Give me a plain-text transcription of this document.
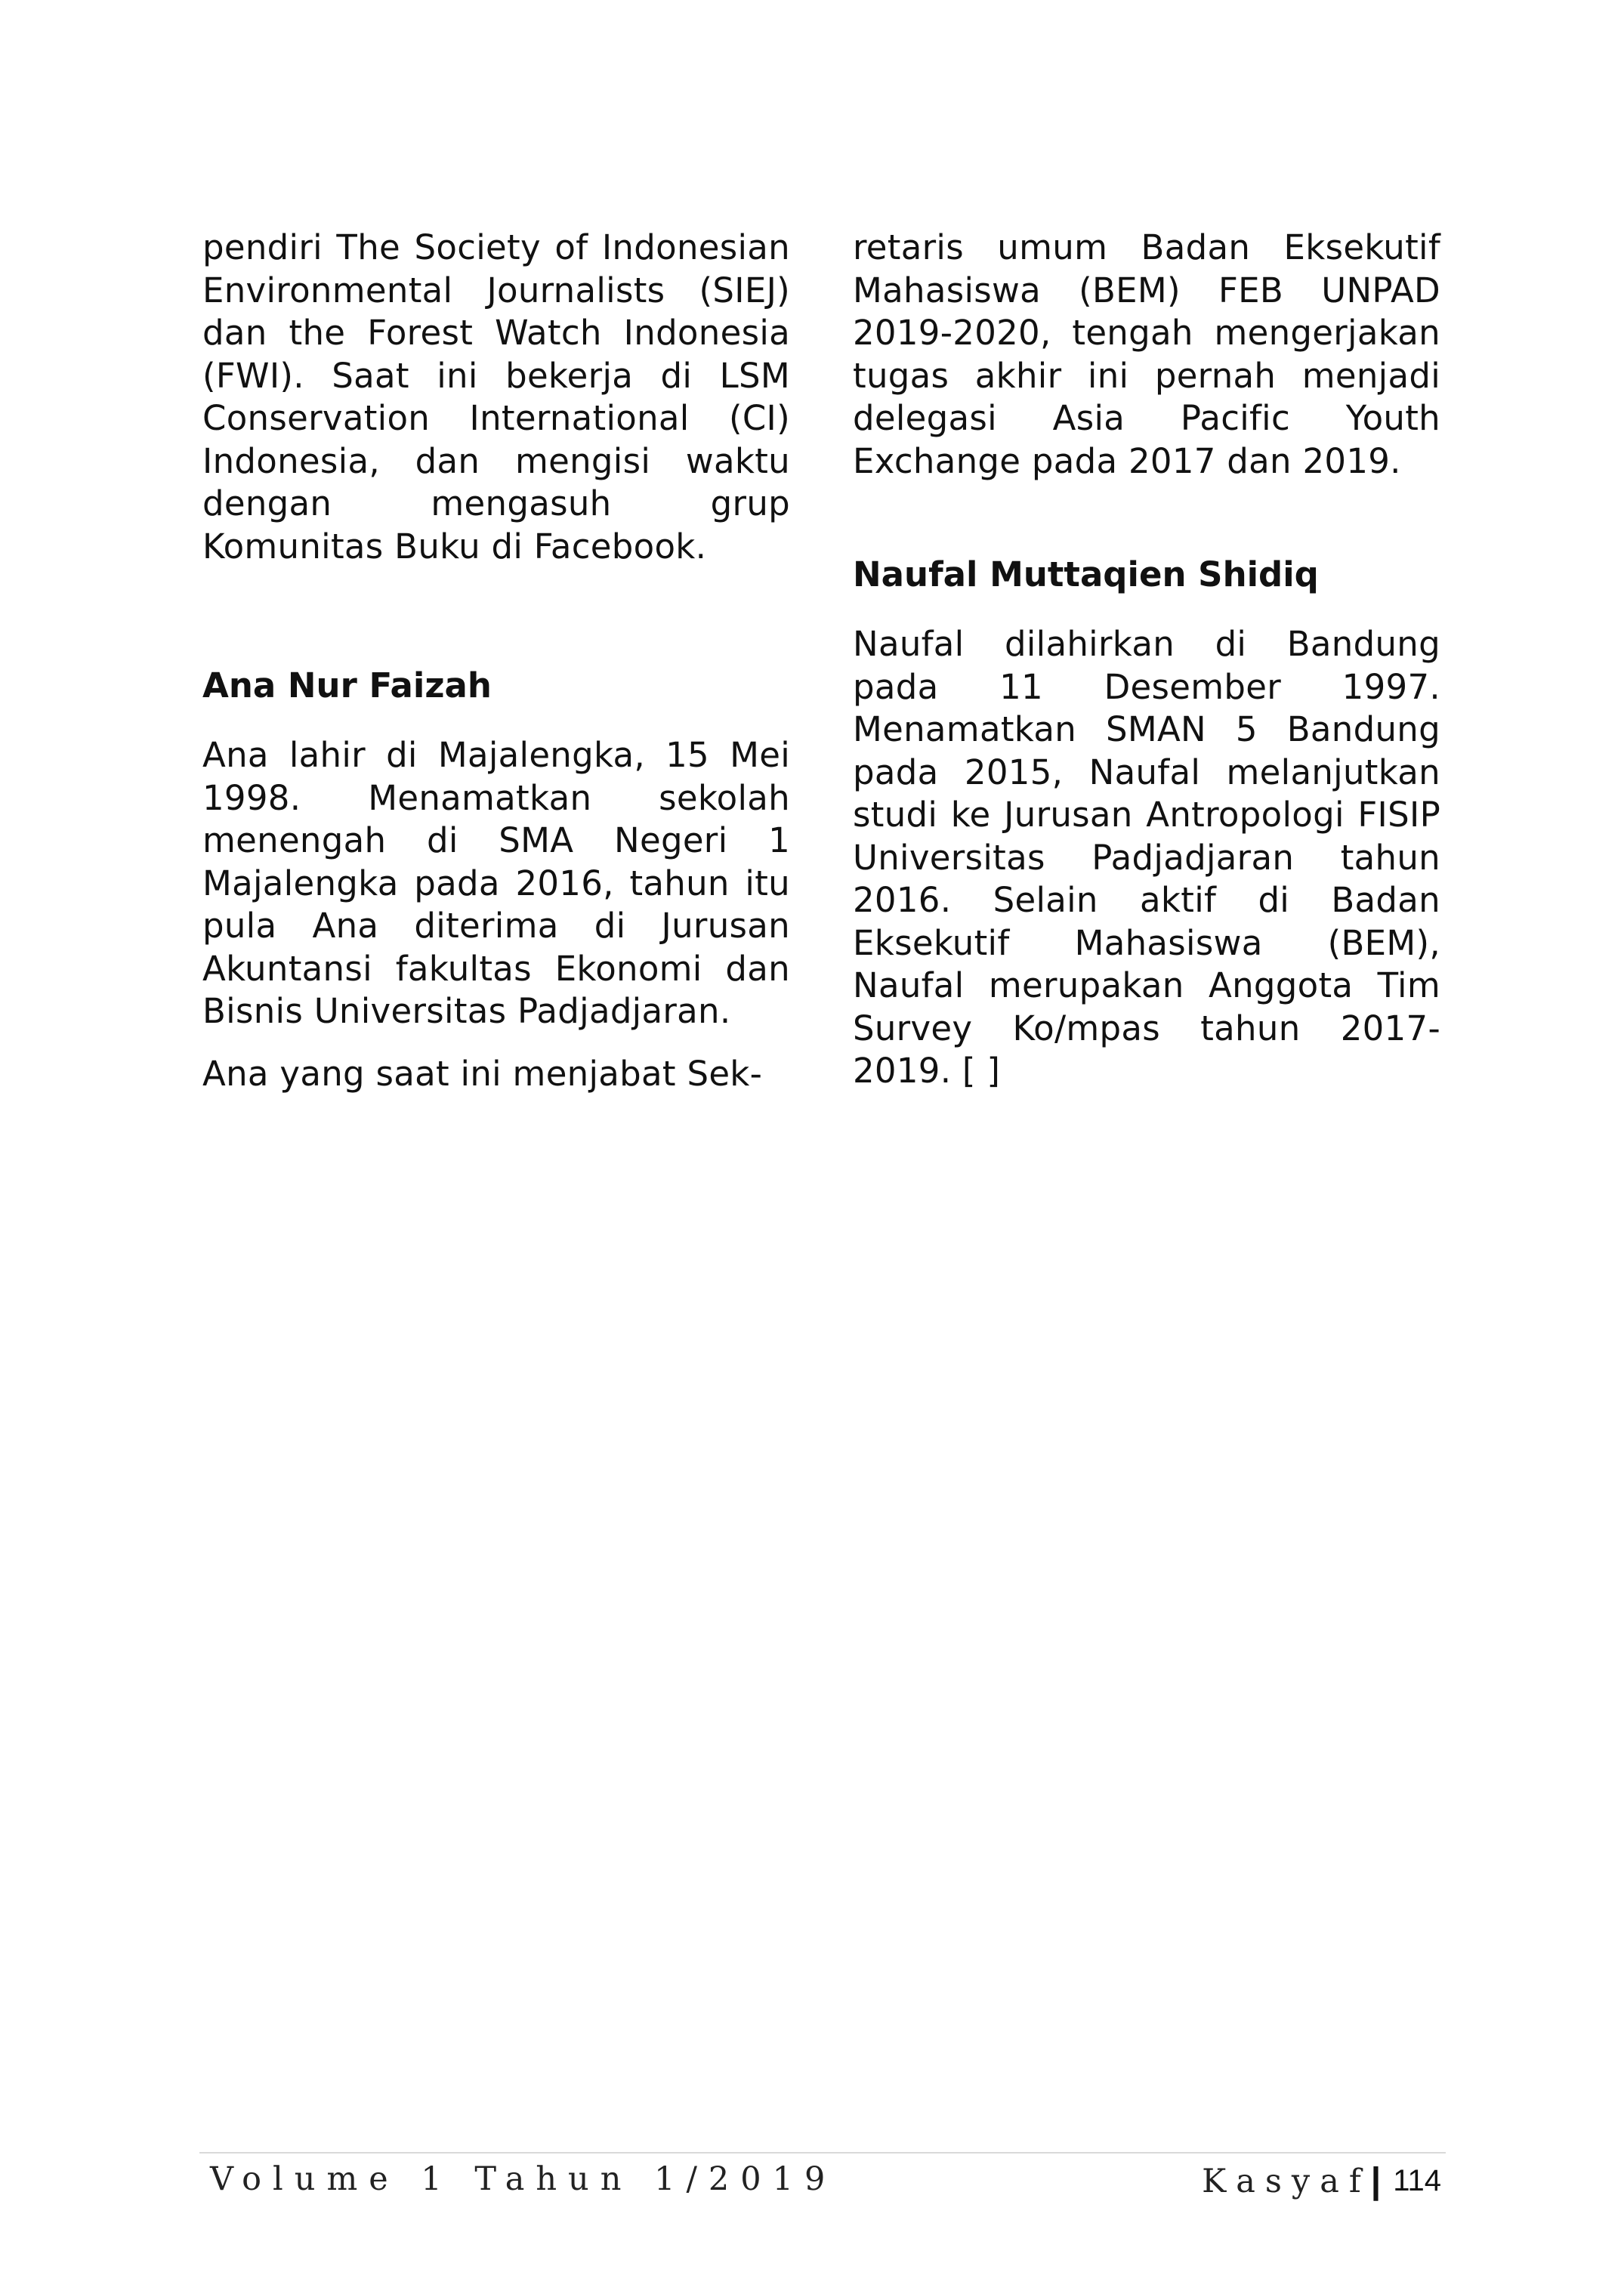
pendiri The Society of Indonesian Environmental Journalists (SIEJ) dan the Forest Watch Indonesia (FWI). Saat ini bekerja di LSM Conservation International (CI) Indonesia, dan mengisi waktu dengan mengasuh grup Komunitas Buku di Facebook.

Ana Nur Faizah

Ana lahir di Majalengka, 15 Mei 1998. Menamatkan sekolah menengah di SMA Negeri 1 Majalengka pada 2016, tahun itu pula Ana diterima di Jurusan Akuntansi fakultas Ekonomi dan Bisnis Universitas Padjadjaran.

Ana yang saat ini menjabat Sek-

retaris umum Badan Eksekutif Mahasiswa (BEM) FEB UNPAD 2019-2020, tengah mengerjakan tugas akhir ini pernah menjadi delegasi Asia Pacific Youth Exchange pada 2017 dan 2019.

Naufal Muttaqien Shidiq

Naufal dilahirkan di Bandung pada 11 Desember 1997. Menamatkan SMAN 5 Bandung pada 2015, Naufal melanjutkan studi ke Jurusan Antropologi FISIP Universitas Padjadjaran tahun 2016. Selain aktif di Badan Eksekutif Mahasiswa (BEM), Naufal merupakan Anggota Tim Survey Ko/mpas tahun 2017-2019. [ ]

Volume 1 Tahun 1/2019	Kasyaf | 114
